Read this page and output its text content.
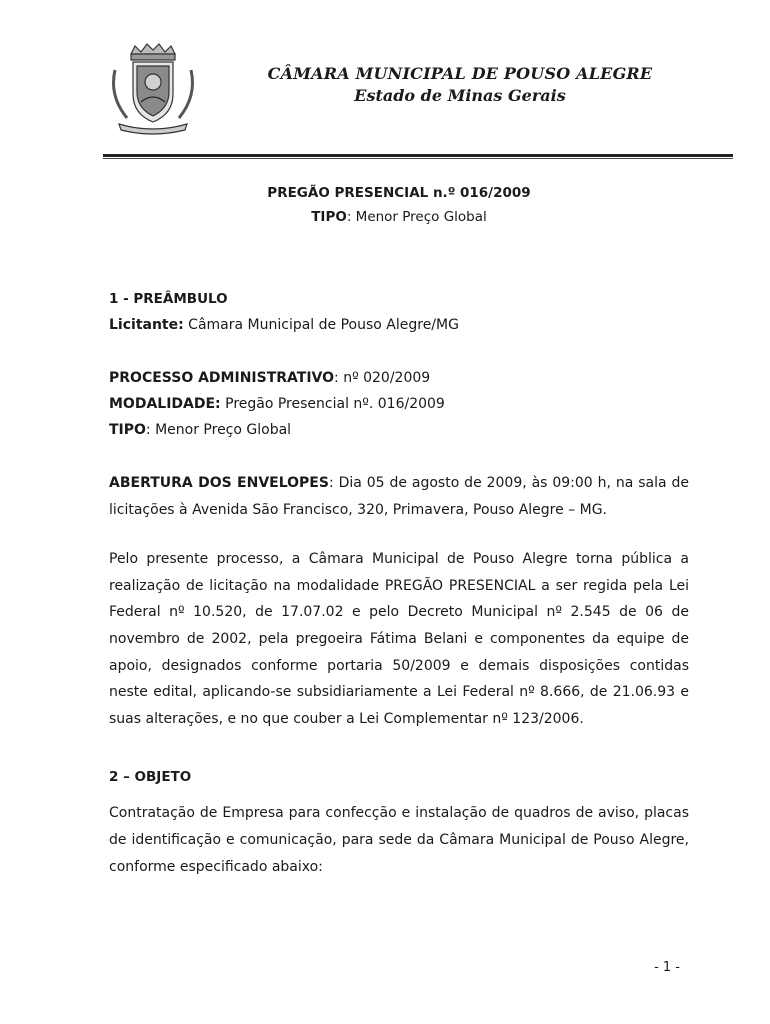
CÂMARA MUNICIPAL DE POUSO ALEGRE
Estado de Minas Gerais
PREGÃO PRESENCIAL n.º 016/2009
TIPO: Menor Preço Global
1 - PREÂMBULO
Licitante: Câmara Municipal de Pouso Alegre/MG
PROCESSO ADMINISTRATIVO: nº 020/2009
MODALIDADE: Pregão Presencial nº. 016/2009
TIPO: Menor Preço Global
ABERTURA DOS ENVELOPES: Dia 05 de agosto de 2009, às 09:00 h, na sala de licitações à Avenida São Francisco, 320, Primavera, Pouso Alegre – MG.
Pelo presente processo, a Câmara Municipal de Pouso Alegre torna pública a realização de licitação na modalidade PREGÃO PRESENCIAL a ser regida pela Lei Federal nº 10.520, de 17.07.02 e pelo Decreto Municipal nº 2.545 de 06 de novembro de 2002, pela pregoeira Fátima Belani e componentes da equipe de apoio, designados conforme portaria 50/2009 e demais disposições contidas neste edital, aplicando-se subsidiariamente a Lei Federal nº 8.666, de 21.06.93 e suas alterações, e no que couber a Lei Complementar nº 123/2006.
2 – OBJETO
Contratação de Empresa para confecção e instalação de quadros de aviso, placas de identificação e comunicação, para sede da Câmara Municipal de Pouso Alegre, conforme especificado abaixo:
- 1 -
